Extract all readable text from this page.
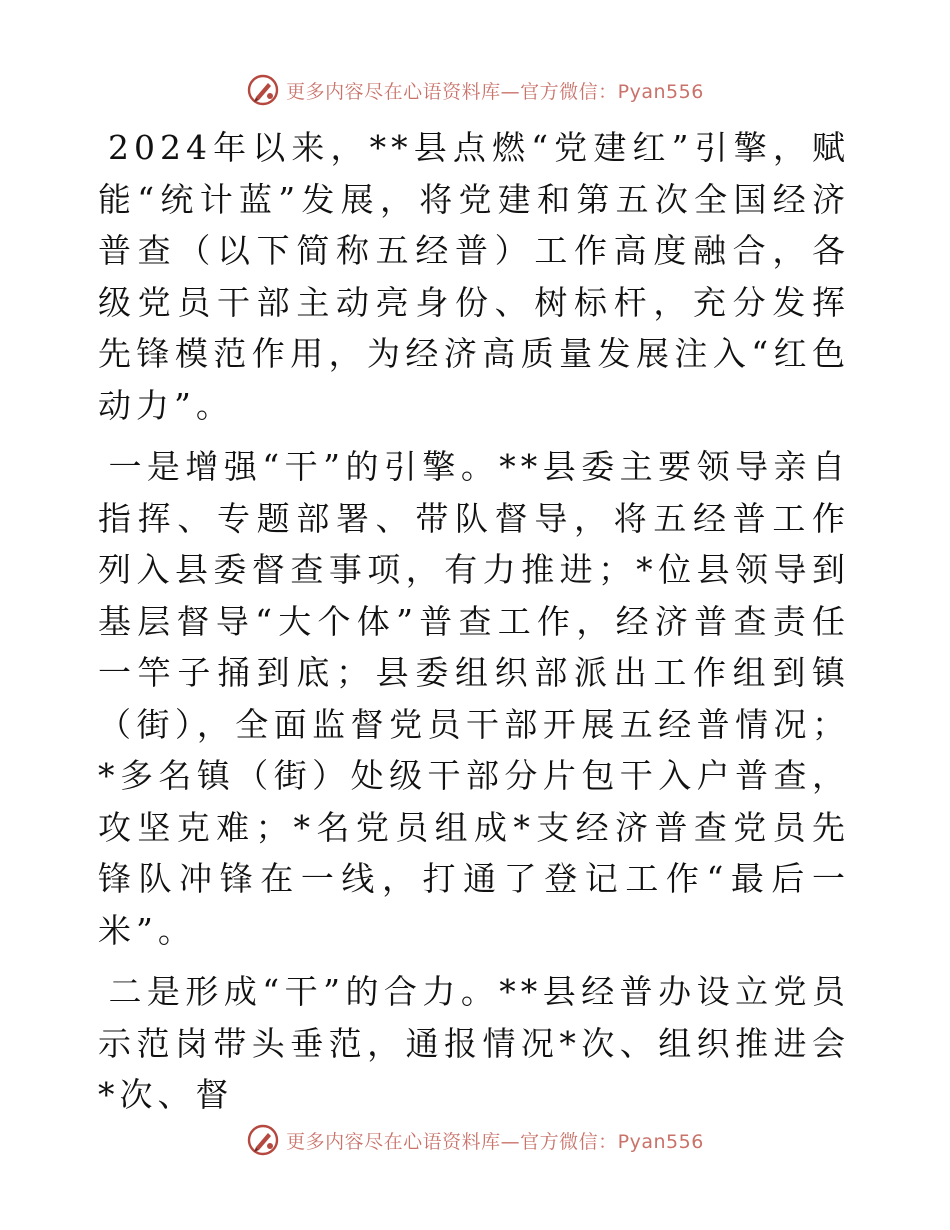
更多内容尽在心语资料库—官方微信：Pyan556

2024年以来，**县点燃“党建红”引擎，赋能“统计蓝”发展，将党建和第五次全国经济普查（以下简称五经普）工作高度融合，各级党员干部主动亮身份、树标杆，充分发挥先锋模范作用，为经济高质量发展注入“红色动力”。

一是增强“干”的引擎。**县委主要领导亲自指挥、专题部署、带队督导，将五经普工作列入县委督查事项，有力推进；*位县领导到基层督导“大个体”普查工作，经济普查责任一竿子捅到底；县委组织部派出工作组到镇（街），全面监督党员干部开展五经普情况；*多名镇（街）处级干部分片包干入户普查，攻坚克难；*名党员组成*支经济普查党员先锋队冲锋在一线，打通了登记工作“最后一米”。

二是形成“干”的合力。**县经普办设立党员示范岗带头垂范，通报情况*次、组织推进会*次、督

更多内容尽在心语资料库—官方微信：Pyan556
